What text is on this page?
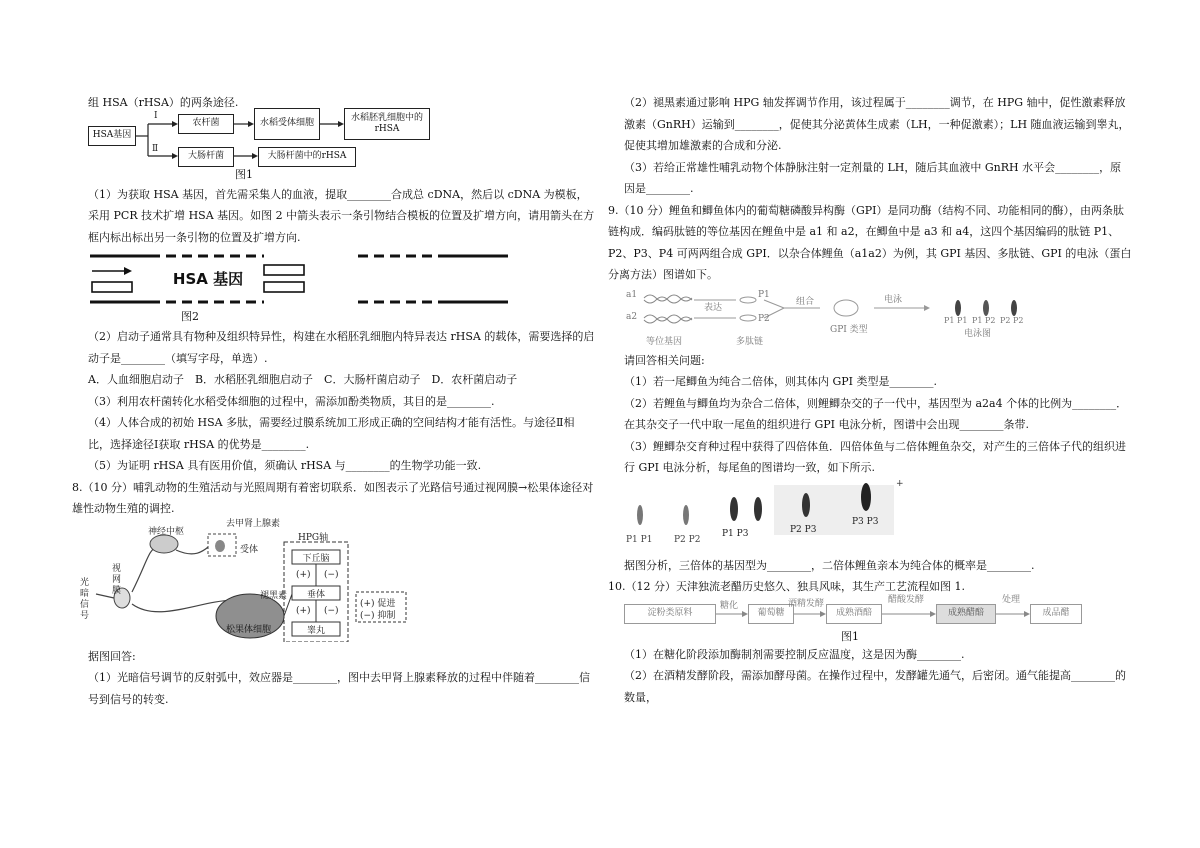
组 HSA（rHSA）的两条途径.

HSA基因
Ⅰ
Ⅱ
农杆菌	水稻受体细胞
水稻胚乳细胞中的rHSA
大肠杆菌	大肠杆菌中的rHSA
图1

（1）为获取 HSA 基因，首先需采集人的血液，提取________合成总 cDNA，然后以 cDNA 为模板，采用 PCR 技术扩增 HSA 基因。如图 2 中箭头表示一条引物结合模板的位置及扩增方向，请用箭头在方框内标出标出另一条引物的位置及扩增方向.

HSA 基因
图2

（2）启动子通常具有物种及组织特异性，构建在水稻胚乳细胞内特异表达 rHSA 的载体，需要选择的启动子是________（填写字母，单选）.

A．人血细胞启动子　B．水稻胚乳细胞启动子　C．大肠杆菌启动子　D．农杆菌启动子

（3）利用农杆菌转化水稻受体细胞的过程中，需添加酚类物质，其目的是________.

（4）人体合成的初始 HSA 多肽，需要经过膜系统加工形成正确的空间结构才能有活性。与途径Ⅱ相比，选择途径Ⅰ获取 rHSA 的优势是________.

（5）为证明 rHSA 具有医用价值，须确认 rHSA 与________的生物学功能一致.

8.（10 分）哺乳动物的生殖活动与光照周期有着密切联系．如图表示了光路信号通过视网膜→松果体途径对雄性动物生殖的调控.

光暗信号
视网膜
神经中枢
去甲肾上腺素
受体
HPG轴
下丘脑
垂体
睾丸
松果体细胞
褪黑素
(+) (−)
(+) (−)
(+) 促进
(−) 抑制

据图回答:

（1）光暗信号调节的反射弧中，效应器是________，图中去甲肾上腺素释放的过程中伴随着________信号到信号的转变.

（2）褪黑素通过影响 HPG 轴发挥调节作用，该过程属于________调节，在 HPG 轴中，促性激素释放激素（GnRH）运输到________，促使其分泌黄体生成素（LH，一种促激素）；LH 随血液运输到睾丸，促使其增加雄激素的合成和分泌.

（3）若给正常雄性哺乳动物个体静脉注射一定剂量的 LH，随后其血液中 GnRH 水平会________，原因是________.

9.（10 分）鲤鱼和鲫鱼体内的葡萄糖磷酸异构酶（GPI）是同功酶（结构不同、功能相同的酶），由两条肽链构成．编码肽链的等位基因在鲤鱼中是 a1 和 a2，在鲫鱼中是 a3 和 a4，这四个基因编码的肽链 P1、P2、P3、P4 可两两组合成 GPI．以杂合体鲤鱼（a1a2）为例，其 GPI 基因、多肽链、GPI 的电泳（蛋白分离方法）图谱如下。

a1
a2
表达
P1
P2
组合	电泳
等位基因	多肽链
GPI 类型	电泳图
P1 P1 P1 P2 P2 P2

请回答相关问题:

（1）若一尾鲫鱼为纯合二倍体，则其体内 GPI 类型是________.

（2）若鲤鱼与鲫鱼均为杂合二倍体，则鲤鲫杂交的子一代中，基因型为 a2a4 个体的比例为________．在其杂交子一代中取一尾鱼的组织进行 GPI 电泳分析，图谱中会出现________条带.

（3）鲤鲫杂交育种过程中获得了四倍体鱼．四倍体鱼与二倍体鲤鱼杂交，对产生的三倍体子代的组织进行 GPI 电泳分析，每尾鱼的图谱均一致，如下所示.

+
P1 P1 P2 P2
P1 P3	P2 P3
P3 P3

据图分析，三倍体的基因型为________，二倍体鲤鱼亲本为纯合体的概率是________.

10.（12 分）天津独流老醋历史悠久、独具风味，其生产工艺流程如图 1.

淀粉类原料	葡萄糖	成熟酒醅	成熟醋醅	成品醋
糖化	酒精发酵	醋酸发酵	处理
图1

（1）在糖化阶段添加酶制剂需要控制反应温度，这是因为酶________.

（2）在酒精发酵阶段，需添加酵母菌。在操作过程中，发酵罐先通气，后密闭。通气能提高________的数量，
